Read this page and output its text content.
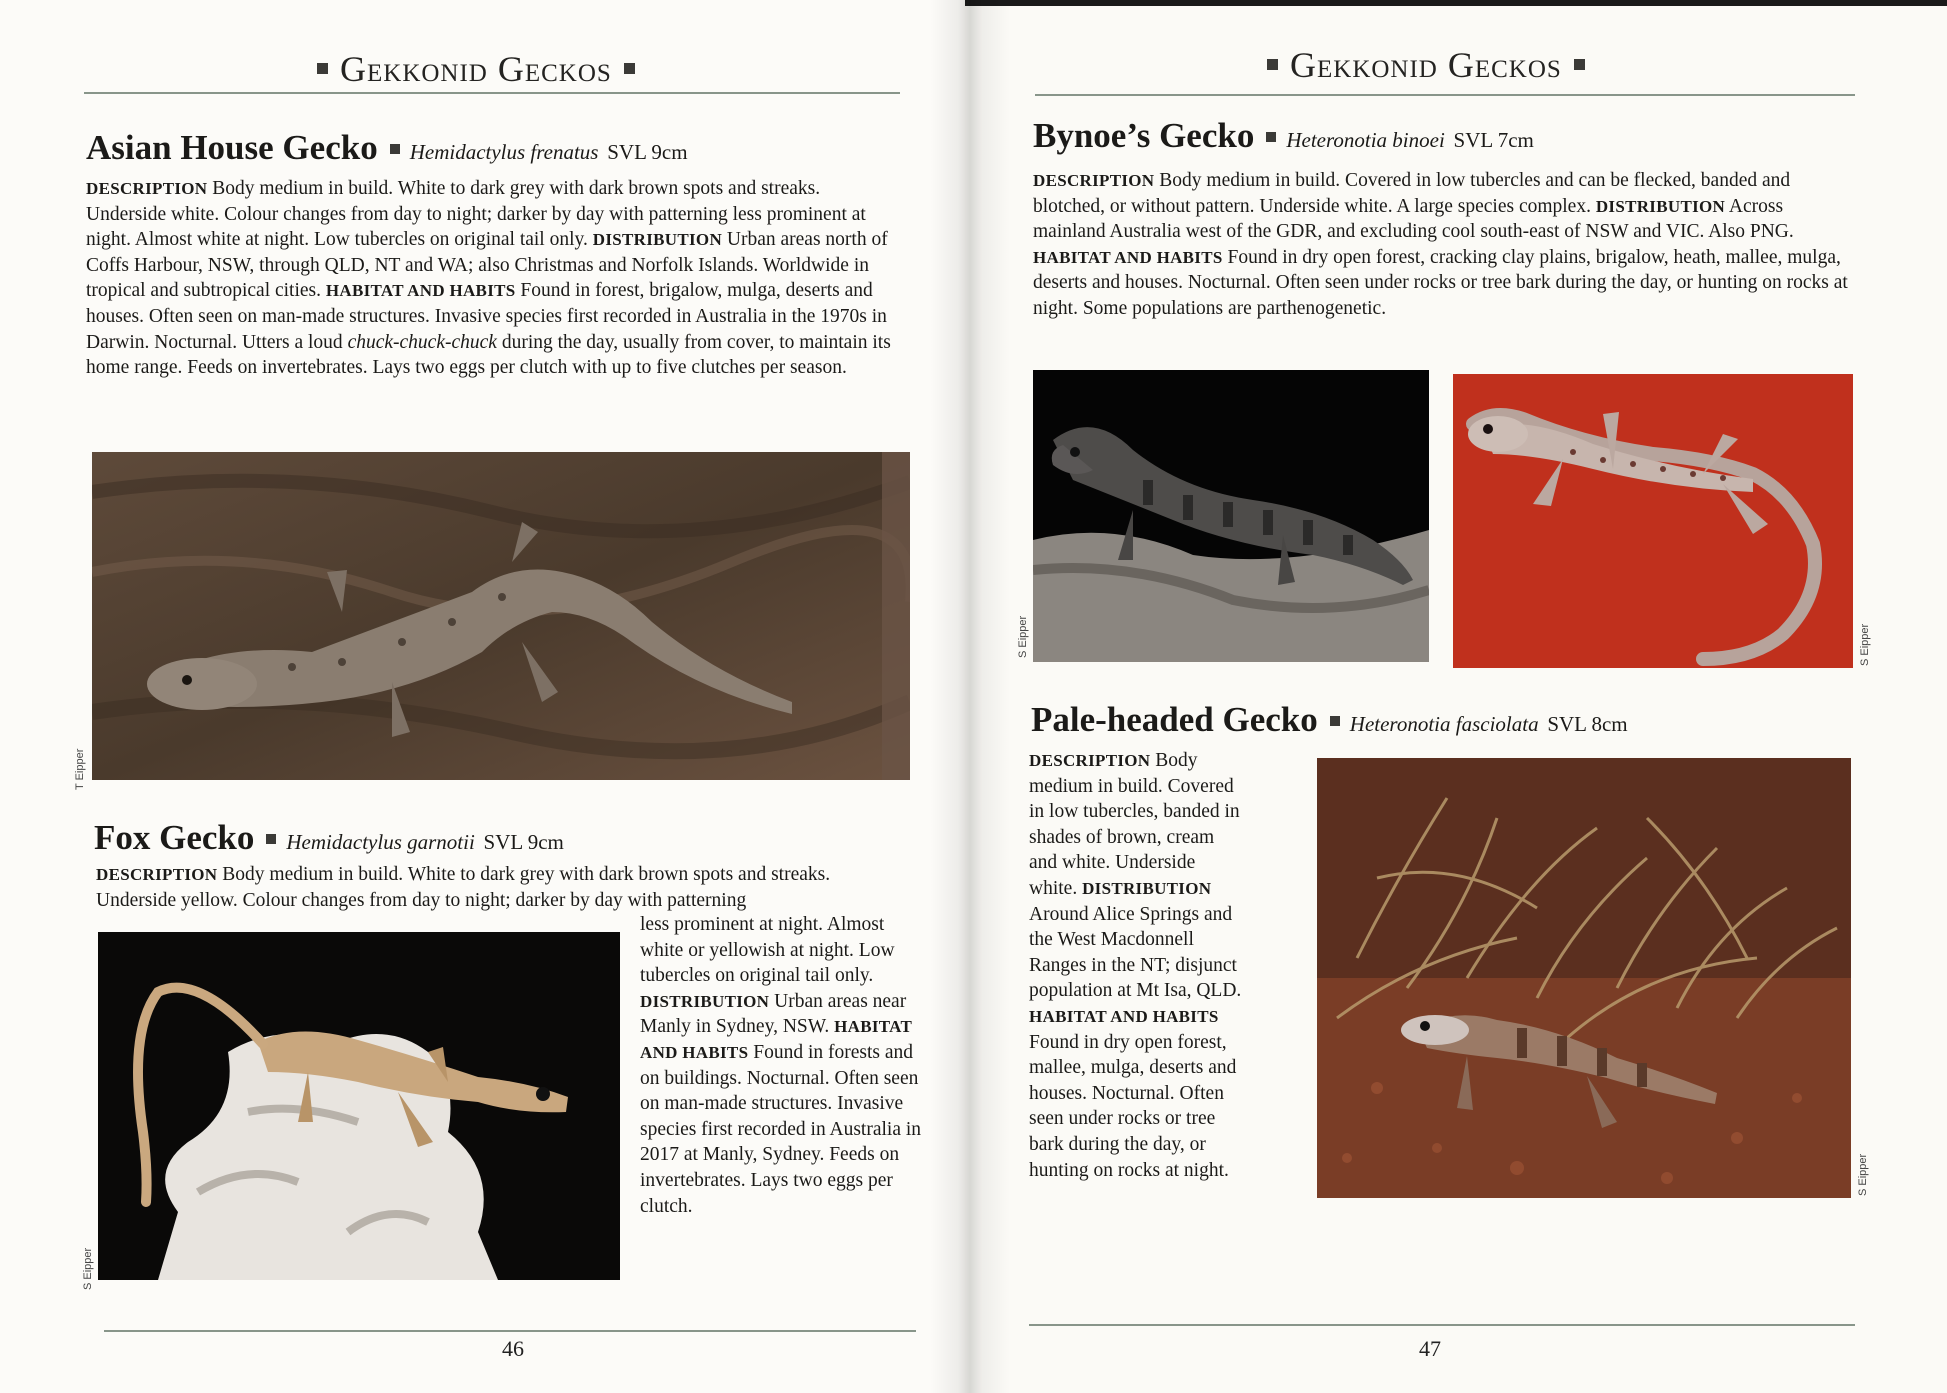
Gekkonid Geckos
Asian House Gecko Hemidactylus frenatus SVL 9cm
DESCRIPTION Body medium in build. White to dark grey with dark brown spots and streaks. Underside white. Colour changes from day to night; darker by day with patterning less prominent at night. Almost white at night. Low tubercles on original tail only. DISTRIBUTION Urban areas north of Coffs Harbour, NSW, through QLD, NT and WA; also Christmas and Norfolk Islands. Worldwide in tropical and subtropical cities. HABITAT AND HABITS Found in forest, brigalow, mulga, deserts and houses. Often seen on man-made structures. Invasive species first recorded in Australia in the 1970s in Darwin. Nocturnal. Utters a loud chuck-chuck-chuck during the day, usually from cover, to maintain its home range. Feeds on invertebrates. Lays two eggs per clutch with up to five clutches per season.
T Eipper
Fox Gecko Hemidactylus garnotii SVL 9cm
DESCRIPTION Body medium in build. White to dark grey with dark brown spots and streaks. Underside yellow. Colour changes from day to night; darker by day with patterning
S Eipper
less prominent at night. Almost white or yellowish at night. Low tubercles on original tail only. DISTRIBUTION Urban areas near Manly in Sydney, NSW. HABITAT AND HABITS Found in forests and on buildings. Nocturnal. Often seen on man-made structures. Invasive species first recorded in Australia in 2017 at Manly, Sydney. Feeds on invertebrates. Lays two eggs per clutch.
46
Gekkonid Geckos
Bynoe’s Gecko Heteronotia binoei SVL 7cm
DESCRIPTION Body medium in build. Covered in low tubercles and can be flecked, banded and blotched, or without pattern. Underside white. A large species complex. DISTRIBUTION Across mainland Australia west of the GDR, and excluding cool south-east of NSW and VIC. Also PNG. HABITAT AND HABITS Found in dry open forest, cracking clay plains, brigalow, heath, mallee, mulga, deserts and houses. Nocturnal. Often seen under rocks or tree bark during the day, or hunting on rocks at night. Some populations are parthenogenetic.
S Eipper	S Eipper
Pale-headed Gecko Heteronotia fasciolata SVL 8cm
DESCRIPTION Body medium in build. Covered in low tubercles, banded in shades of brown, cream and white. Underside white. DISTRIBUTION Around Alice Springs and the West Macdonnell Ranges in the NT; disjunct population at Mt Isa, QLD. HABITAT AND HABITS Found in dry open forest, mallee, mulga, deserts and houses. Nocturnal. Often seen under rocks or tree bark during the day, or hunting on rocks at night.	S Eipper
47
